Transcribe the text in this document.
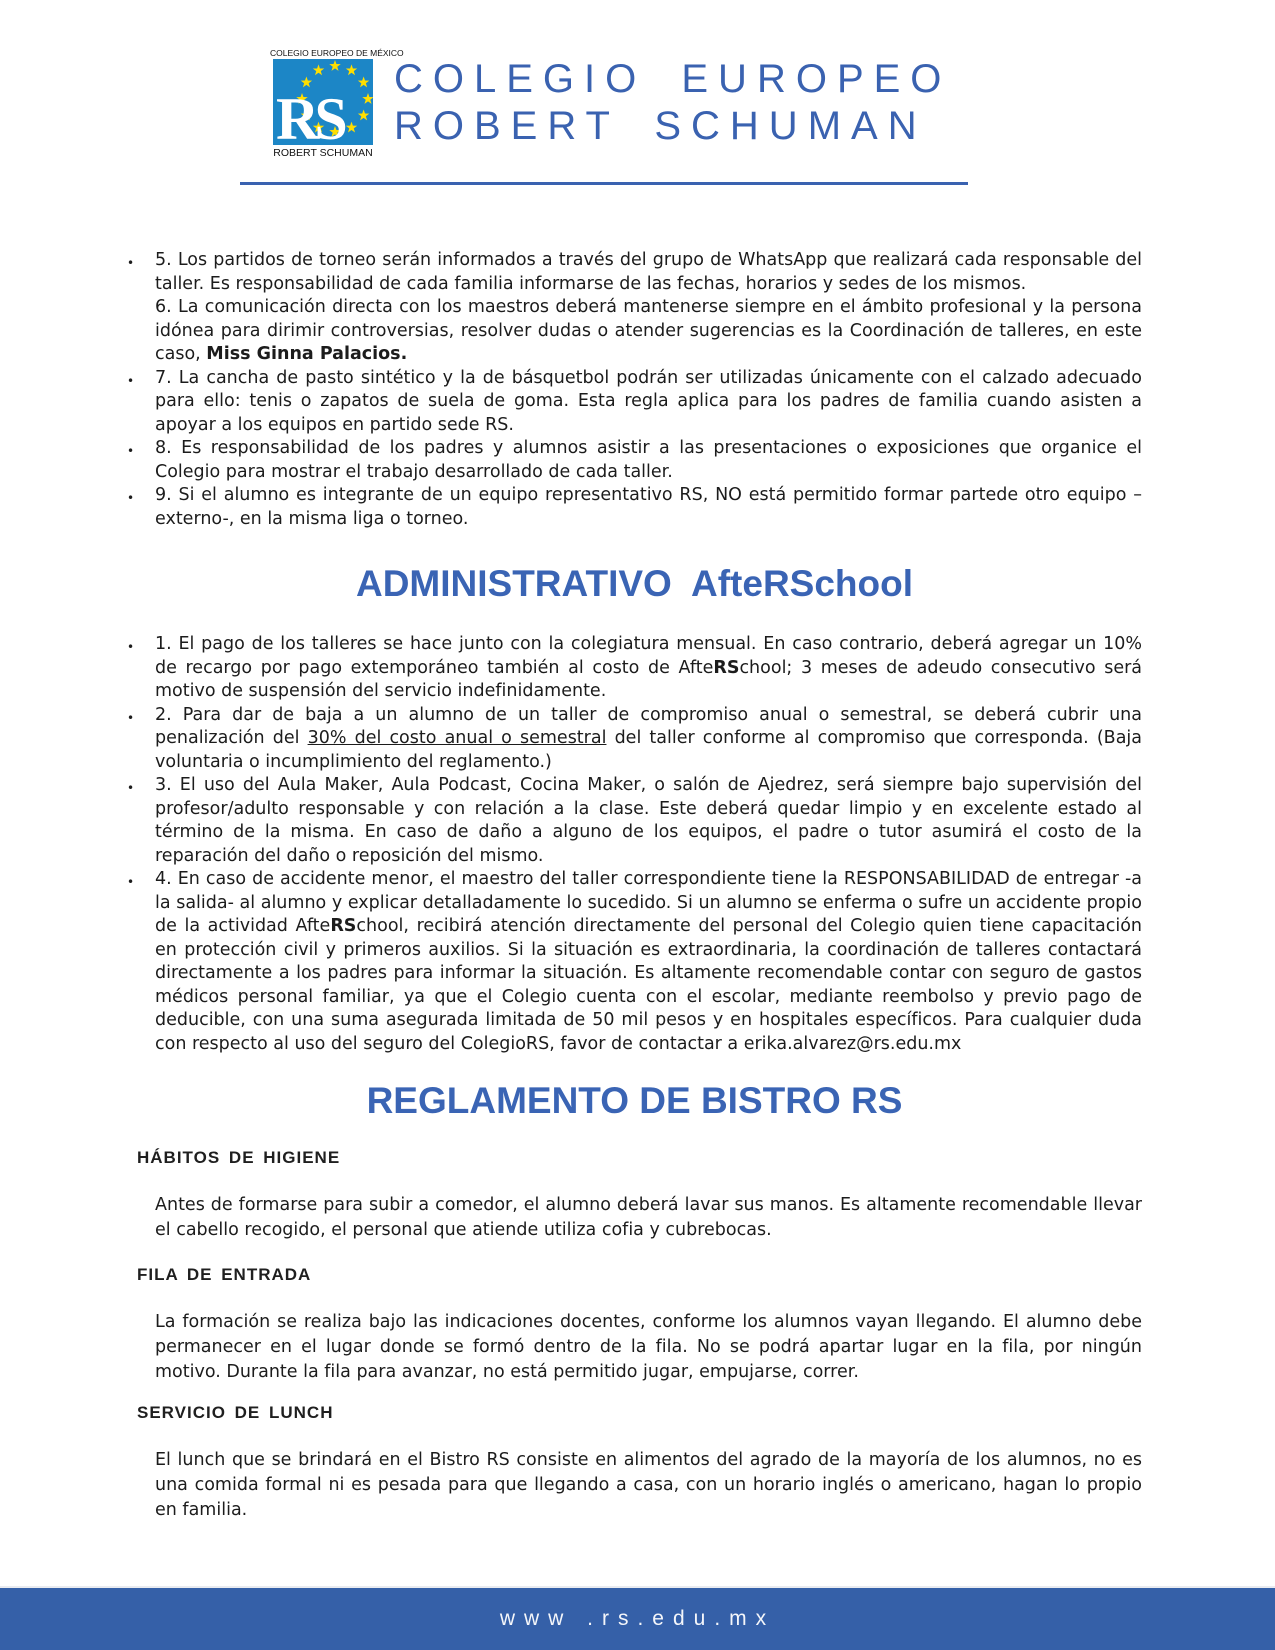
COLEGIO EUROPEO DE MÉXICO
RS
ROBERT SCHUMAN
COLEGIO EUROPEO
ROBERT SCHUMAN
• 5. Los partidos de torneo serán informados a través del grupo de WhatsApp que realizará cada responsable del taller. Es responsabilidad de cada familia informarse de las fechas, horarios y sedes de los mismos.
6. La comunicación directa con los maestros deberá mantenerse siempre en el ámbito profesional y la persona idónea para dirimir controversias, resolver dudas o atender sugerencias es la Coordinación de talleres, en este caso, Miss Ginna Palacios.
• 7. La cancha de pasto sintético y la de básquetbol podrán ser utilizadas únicamente con el calzado adecuado para ello: tenis o zapatos de suela de goma. Esta regla aplica para los padres de familia cuando asisten a apoyar a los equipos en partido sede RS.
• 8. Es responsabilidad de los padres y alumnos asistir a las presentaciones o exposiciones que organice el Colegio para mostrar el trabajo desarrollado de cada taller.
• 9. Si el alumno es integrante de un equipo representativo RS, NO está permitido formar partede otro equipo –externo-, en la misma liga o torneo.
ADMINISTRATIVO  AfteRSchool
• 1. El pago de los talleres se hace junto con la colegiatura mensual. En caso contrario, deberá agregar un 10% de recargo por pago extemporáneo también al costo de AfteRSchool; 3 meses de adeudo consecutivo será motivo de suspensión del servicio indefinidamente.
• 2. Para dar de baja a un alumno de un taller de compromiso anual o semestral, se deberá cubrir una penalización del 30% del costo anual o semestral del taller conforme al compromiso que corresponda. (Baja voluntaria o incumplimiento del reglamento.)
• 3. El uso del Aula Maker, Aula Podcast, Cocina Maker, o salón de Ajedrez, será siempre bajo supervisión del profesor/adulto responsable y con relación a la clase. Este deberá quedar limpio y en excelente estado al término de la misma. En caso de daño a alguno de los equipos, el padre o tutor asumirá el costo de la reparación del daño o reposición del mismo.
• 4. En caso de accidente menor, el maestro del taller correspondiente tiene la RESPONSABILIDAD de entregar -a la salida- al alumno y explicar detalladamente lo sucedido. Si un alumno se enferma o sufre un accidente propio de la actividad AfteRSchool, recibirá atención directamente del personal del Colegio quien tiene capacitación en protección civil y primeros auxilios. Si la situación es extraordinaria, la coordinación de talleres contactará directamente a los padres para informar la situación. Es altamente recomendable contar con seguro de gastos médicos personal familiar, ya que el Colegio cuenta con el escolar, mediante reembolso y previo pago de deducible, con una suma asegurada limitada de 50 mil pesos y en hospitales específicos. Para cualquier duda con respecto al uso del seguro del ColegioRS, favor de contactar a erika.alvarez@rs.edu.mx
REGLAMENTO DE BISTRO RS
HÁBITOS DE HIGIENE

Antes de formarse para subir a comedor, el alumno deberá lavar sus manos. Es altamente recomendable llevar el cabello recogido, el personal que atiende utiliza cofia y cubrebocas.

FILA DE ENTRADA

La formación se realiza bajo las indicaciones docentes, conforme los alumnos vayan llegando. El alumno debe permanecer en el lugar donde se formó dentro de la fila. No se podrá apartar lugar en la fila, por ningún motivo. Durante la fila para avanzar, no está permitido jugar, empujarse, correr.

SERVICIO DE LUNCH

El lunch que se brindará en el Bistro RS consiste en alimentos del agrado de la mayoría de los alumnos, no es una comida formal ni es pesada para que llegando a casa, con un horario inglés o americano, hagan lo propio en familia.

www .rs.edu.mx
